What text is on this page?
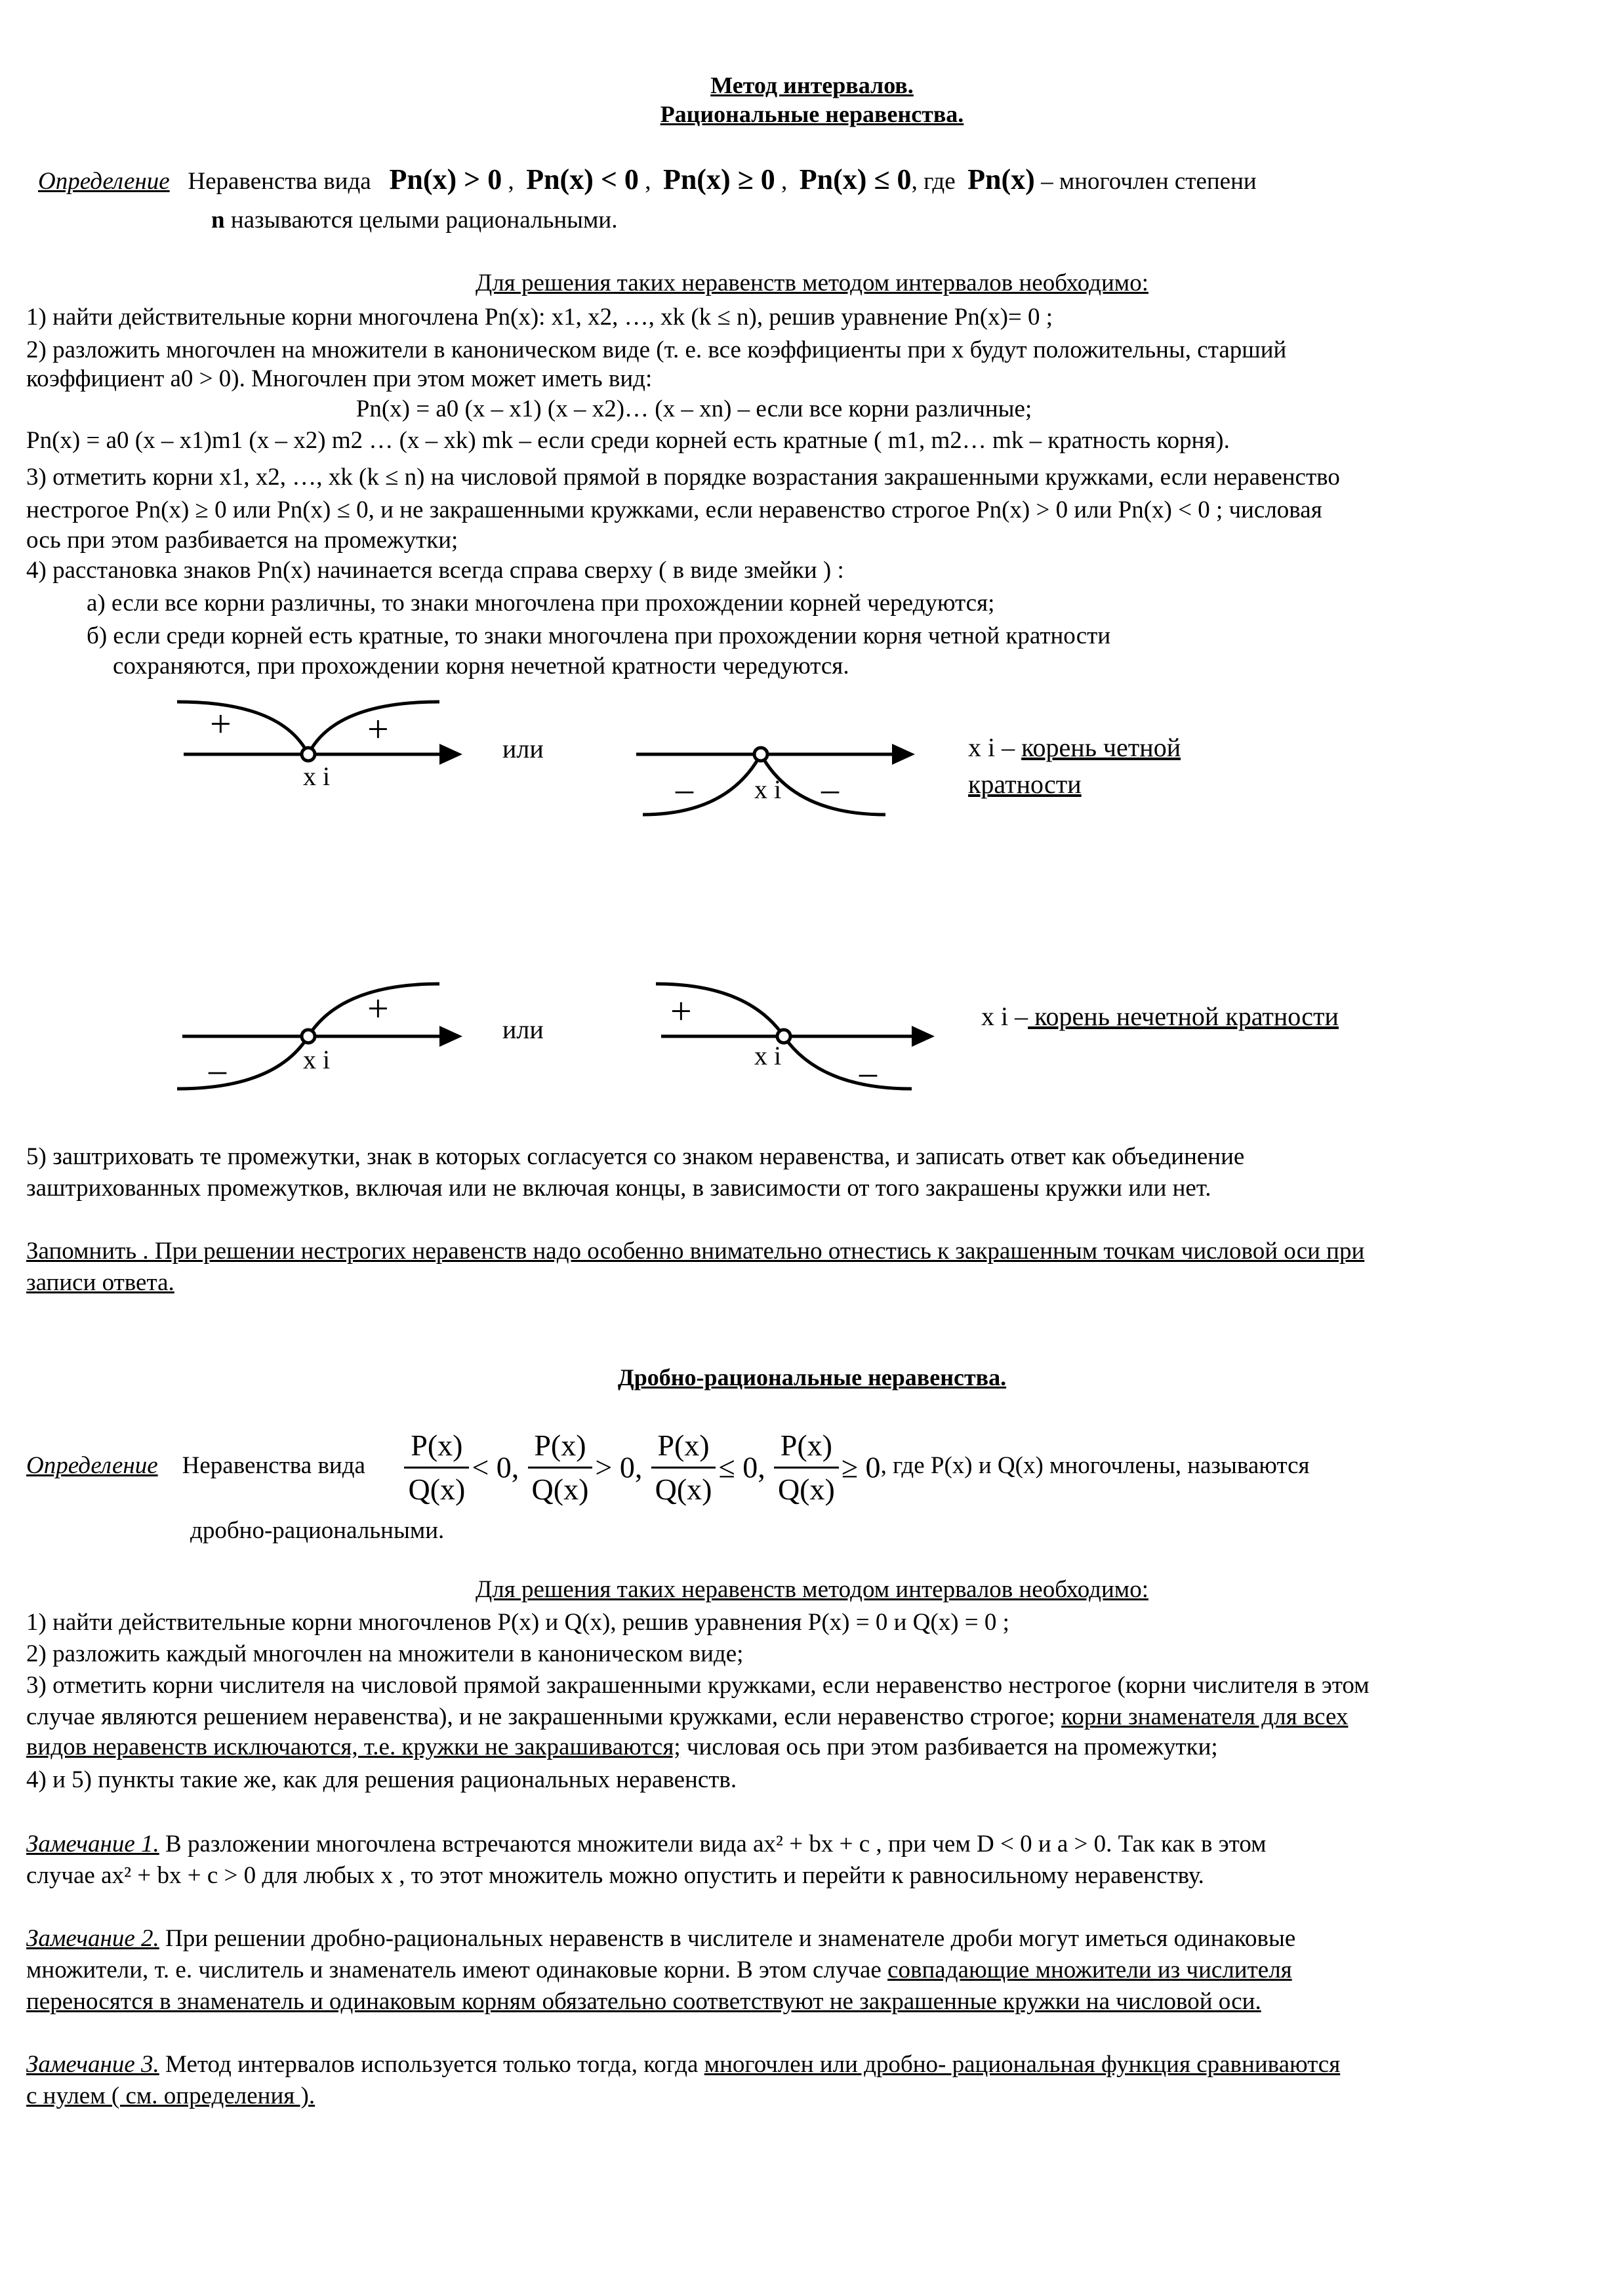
Метод интервалов.
Рациональные неравенства.
Определение Неравенства вида Pn(x) > 0 ,  Pn(x) < 0 ,  Pn(x) ≥ 0 ,  Pn(x) ≤ 0, где Pn(x) – многочлен степени
n называются целыми рациональными.
Для решения таких неравенств методом интервалов необходимо:
1) найти действительные корни многочлена Pn(x): x1, x2, …, xk (k ≤ n), решив уравнение Pn(x)= 0 ;
2) разложить многочлен на множители в каноническом виде (т. е. все коэффициенты при x будут положительны, старший
коэффициент a0 > 0). Многочлен при этом может иметь вид:
Pn(x) = a0 (x – x1) (x – x2)… (x – xn) – если все корни различные;
Pn(x) = a0 (x – x1)m1 (x – x2) m2 … (x – xk) mk – если среди корней есть кратные ( m1, m2… mk – кратность корня).
3) отметить корни x1, x2, …, xk (k ≤ n) на числовой прямой в порядке возрастания закрашенными кружками, если неравенство
нестрогое Pn(x) ≥ 0 или Pn(x) ≤ 0, и не закрашенными кружками, если неравенство строгое Pn(x) > 0 или Pn(x) < 0 ; числовая
ось при этом разбивается на промежутки;
4) расстановка знаков Pn(x) начинается всегда справа сверху ( в виде змейки ) :
а) если все корни различны, то знаки многочлена при прохождении корней чередуются;
б) если среди корней есть кратные, то знаки многочлена при прохождении корня четной кратности
сохраняются, при прохождении корня нечетной кратности чередуются.
+	+
x i
или
–	–
x i
x i – корень четной
кратности
+
–	x i
или	+
–
x i
x i – корень нечетной кратности
5) заштриховать те промежутки, знак в которых согласуется со знаком неравенства, и записать ответ как объединение
заштрихованных промежутков, включая или не включая концы, в зависимости от того закрашены кружки или нет.
Запомнить . При решении нестрогих неравенств надо особенно внимательно отнестись к закрашенным точкам числовой оси при
записи ответа.
Дробно-рациональные неравенства.
Определение Неравенства вида $\frac{P(x)}{Q(x)} < 0$, $\frac{P(x)}{Q(x)} > 0$, $\frac{P(x)}{Q(x)} \le 0$, $\frac{P(x)}{Q(x)} \ge 0$, где P(x) и Q(x) многочлены, называются
дробно-рациональными.
Для решения таких неравенств методом интервалов необходимо:
1) найти действительные корни многочленов P(x) и Q(x), решив уравнения P(x) = 0 и Q(x) = 0 ;
2) разложить каждый многочлен на множители в каноническом виде;
3) отметить корни числителя на числовой прямой закрашенными кружками, если неравенство нестрогое (корни числителя в этом
случае являются решением неравенства), и не закрашенными кружками, если неравенство строгое; корни знаменателя для всех
видов неравенств исключаются, т.е. кружки не закрашиваются; числовая ось при этом разбивается на промежутки;
4) и 5) пункты такие же, как для решения рациональных неравенств.
Замечание 1. В разложении многочлена встречаются множители вида ax² + bx + c , при чем D < 0 и a > 0. Так как в этом
случае ax² + bx + c > 0 для любых x , то этот множитель можно опустить и перейти к равносильному неравенству.
Замечание 2. При решении дробно-рациональных неравенств в числителе и знаменателе дроби могут иметься одинаковые
множители, т. е. числитель и знаменатель имеют одинаковые корни. В этом случае совпадающие множители из числителя
переносятся в знаменатель и одинаковым корням обязательно соответствуют не закрашенные кружки на числовой оси.
Замечание 3. Метод интервалов используется только тогда, когда многочлен или дробно- рациональная функция сравниваются
с нулем ( см. определения ).
